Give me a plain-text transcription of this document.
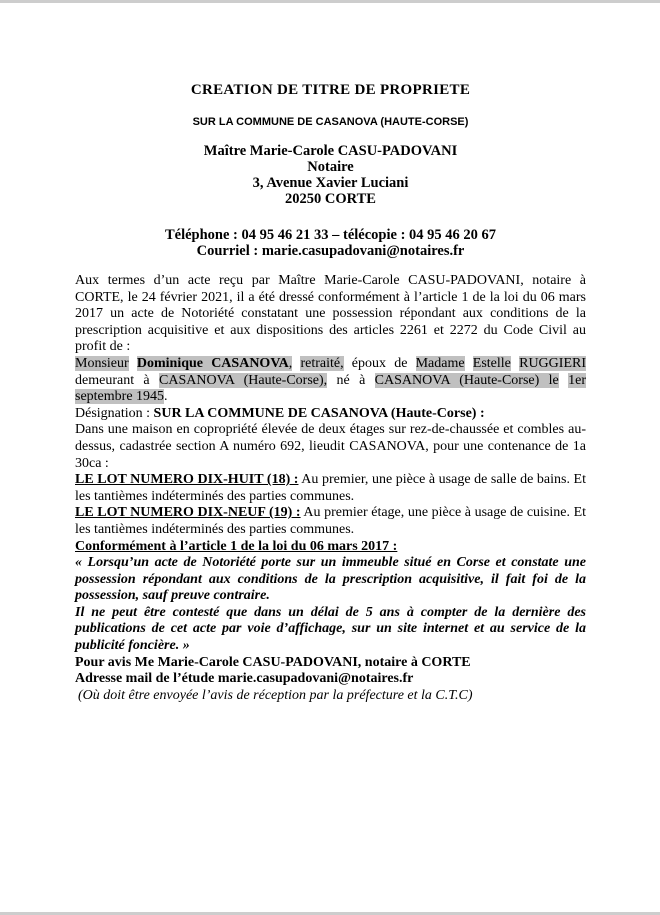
CREATION DE TITRE DE PROPRIETE
SUR LA COMMUNE DE CASANOVA (HAUTE-CORSE)
Maître Marie-Carole CASU-PADOVANI
Notaire
3, Avenue Xavier Luciani
20250 CORTE
Téléphone : 04 95 46 21 33 – télécopie : 04 95 46 20 67
Courriel : marie.casupadovani@notaires.fr

Aux termes d’un acte reçu par Maître Marie-Carole CASU-PADOVANI, notaire à CORTE, le 24 février 2021, il a été dressé conformément à l’article 1 de la loi du 06 mars 2017 un acte de Notoriété constatant une possession répondant aux conditions de la prescription acquisitive et aux dispositions des articles 2261 et 2272 du Code Civil au profit de :

Monsieur Dominique CASANOVA, retraité, époux de Madame Estelle RUGGIERI demeurant à CASANOVA (Haute-Corse), né à CASANOVA (Haute-Corse) le 1er septembre 1945.

Désignation : SUR LA COMMUNE DE CASANOVA (Haute-Corse) :

Dans une maison en copropriété élevée de deux étages sur rez-de-chaussée et combles au-dessus, cadastrée section A numéro 692, lieudit CASANOVA, pour une contenance de 1a 30ca :

LE LOT NUMERO DIX-HUIT (18) : Au premier, une pièce à usage de salle de bains. Et les tantièmes indéterminés des parties communes.

LE LOT NUMERO DIX-NEUF (19) : Au premier étage, une pièce à usage de cuisine. Et les tantièmes indéterminés des parties communes.

Conformément à l’article 1 de la loi du 06 mars 2017 :

« Lorsqu’un acte de Notoriété porte sur un immeuble situé en Corse et constate une possession répondant aux conditions de la prescription acquisitive, il fait foi de la possession, sauf preuve contraire.

Il ne peut être contesté que dans un délai de 5 ans à compter de la dernière des publications de cet acte par voie d’affichage, sur un site internet et au service de la publicité foncière. »

Pour avis Me Marie-Carole CASU-PADOVANI, notaire à CORTE

Adresse mail de l’étude marie.casupadovani@notaires.fr

(Où doit être envoyée l’avis de réception par la préfecture et la C.T.C)
